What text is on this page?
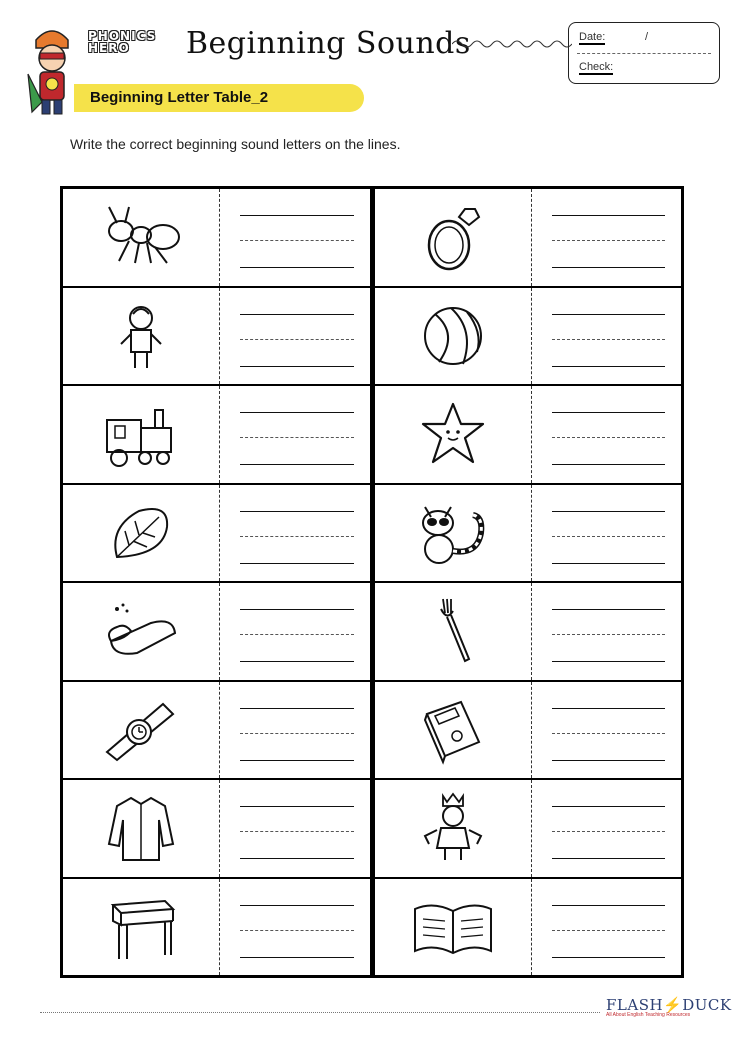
PHONICS
HERO	Beginning Sounds	Date:	/
Check:
Beginning Letter Table_2
Write the correct beginning sound letters on the lines.
FLASH⚡DUCK
All About English Teaching Resources
